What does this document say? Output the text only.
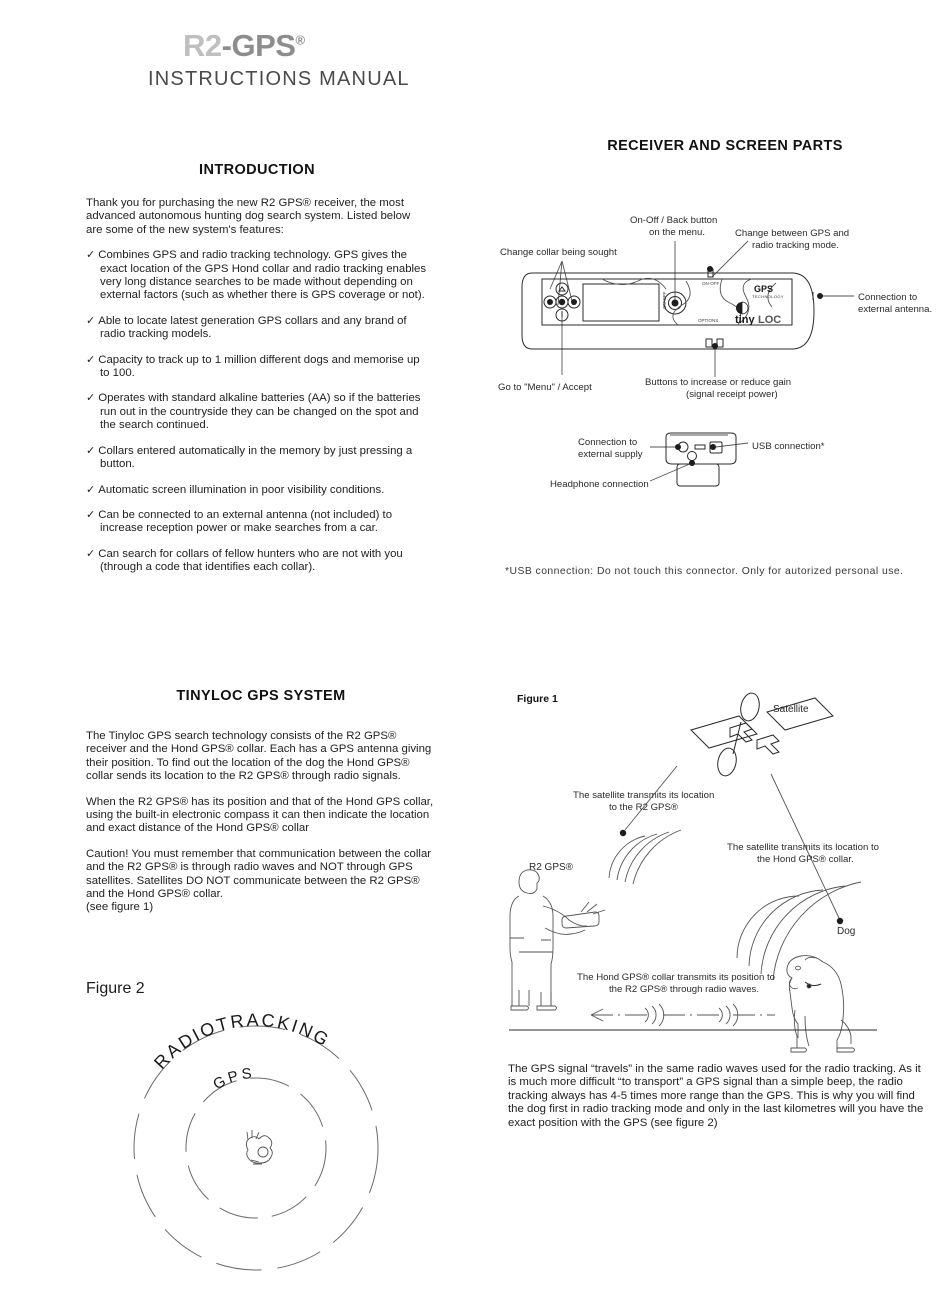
R2-GPS®
INSTRUCTIONS MANUAL
INTRODUCTION

Thank you for purchasing the new R2 GPS® receiver, the most advanced autonomous hunting dog search system. Listed below are some of the new system's features:

✓ Combines GPS and radio tracking technology. GPS gives the exact location of the GPS Hond collar and radio tracking enables very long distance searches to be made without depending on external factors (such as whether there is GPS coverage or not).

✓ Able to locate latest generation GPS collars and any brand of radio tracking models.

✓ Capacity to track up to 1 million different dogs and memorise up to 100.

✓ Operates with standard alkaline batteries (AA) so if the batteries run out in the countryside they can be changed on the spot and the search continued.

✓ Collars entered automatically in the memory by just pressing a button.

✓ Automatic screen illumination in poor visibility conditions.

✓ Can be connected to an external antenna (not included) to increase reception power or make searches from a car.

✓ Can search for collars of fellow hunters who are not with you (through a code that identifies each collar).

RECEIVER AND SCREEN PARTS
Change collar being sought
On-Off / Back button
on the menu.	Change between GPS and
radio tracking mode.
Connection to
external antenna.
Go to "Menu" / Accept	Buttons to increase or reduce gain
(signal receipt power)
ON-OFF
ON-OFF
OPTIONS
GPS
TECHNOLOGY
tiny LOC
Connection to
external supply
Headphone connection
USB connection*
*USB connection: Do not touch this connector. Only for autorized personal use.
TINYLOC GPS SYSTEM

The Tinyloc GPS search technology consists of the R2 GPS® receiver and the Hond GPS® collar. Each has a GPS antenna giving their position. To find out the location of the dog the Hond GPS® collar sends its location to the R2 GPS® through radio signals.

When the R2 GPS® has its position and that of the Hond GPS collar, using the built-in electronic compass it can then indicate the location and exact distance of the Hond GPS® collar

Caution! You must remember that communication between the collar and the R2 GPS® is through radio waves and NOT through GPS satellites. Satellites DO NOT communicate between the R2 GPS® and the Hond GPS® collar.

(see figure 1)

Figure 2
RADIOTRACKING
GPS
Figure 1
Satellite
The satellite transmits its location
to the R2 GPS®
The satellite transmits its location to
the Hond GPS® collar.
R2 GPS®
Dog
The Hond GPS® collar transmits its position to
the R2 GPS® through radio waves.

The GPS signal “travels” in the same radio waves used for the radio tracking. As it is much more difficult “to transport” a GPS signal than a simple beep, the radio tracking always has 4-5 times more range than the GPS. This is why you will find the dog first in radio tracking mode and only in the last kilometres will you have the exact position with the GPS (see figure 2)
